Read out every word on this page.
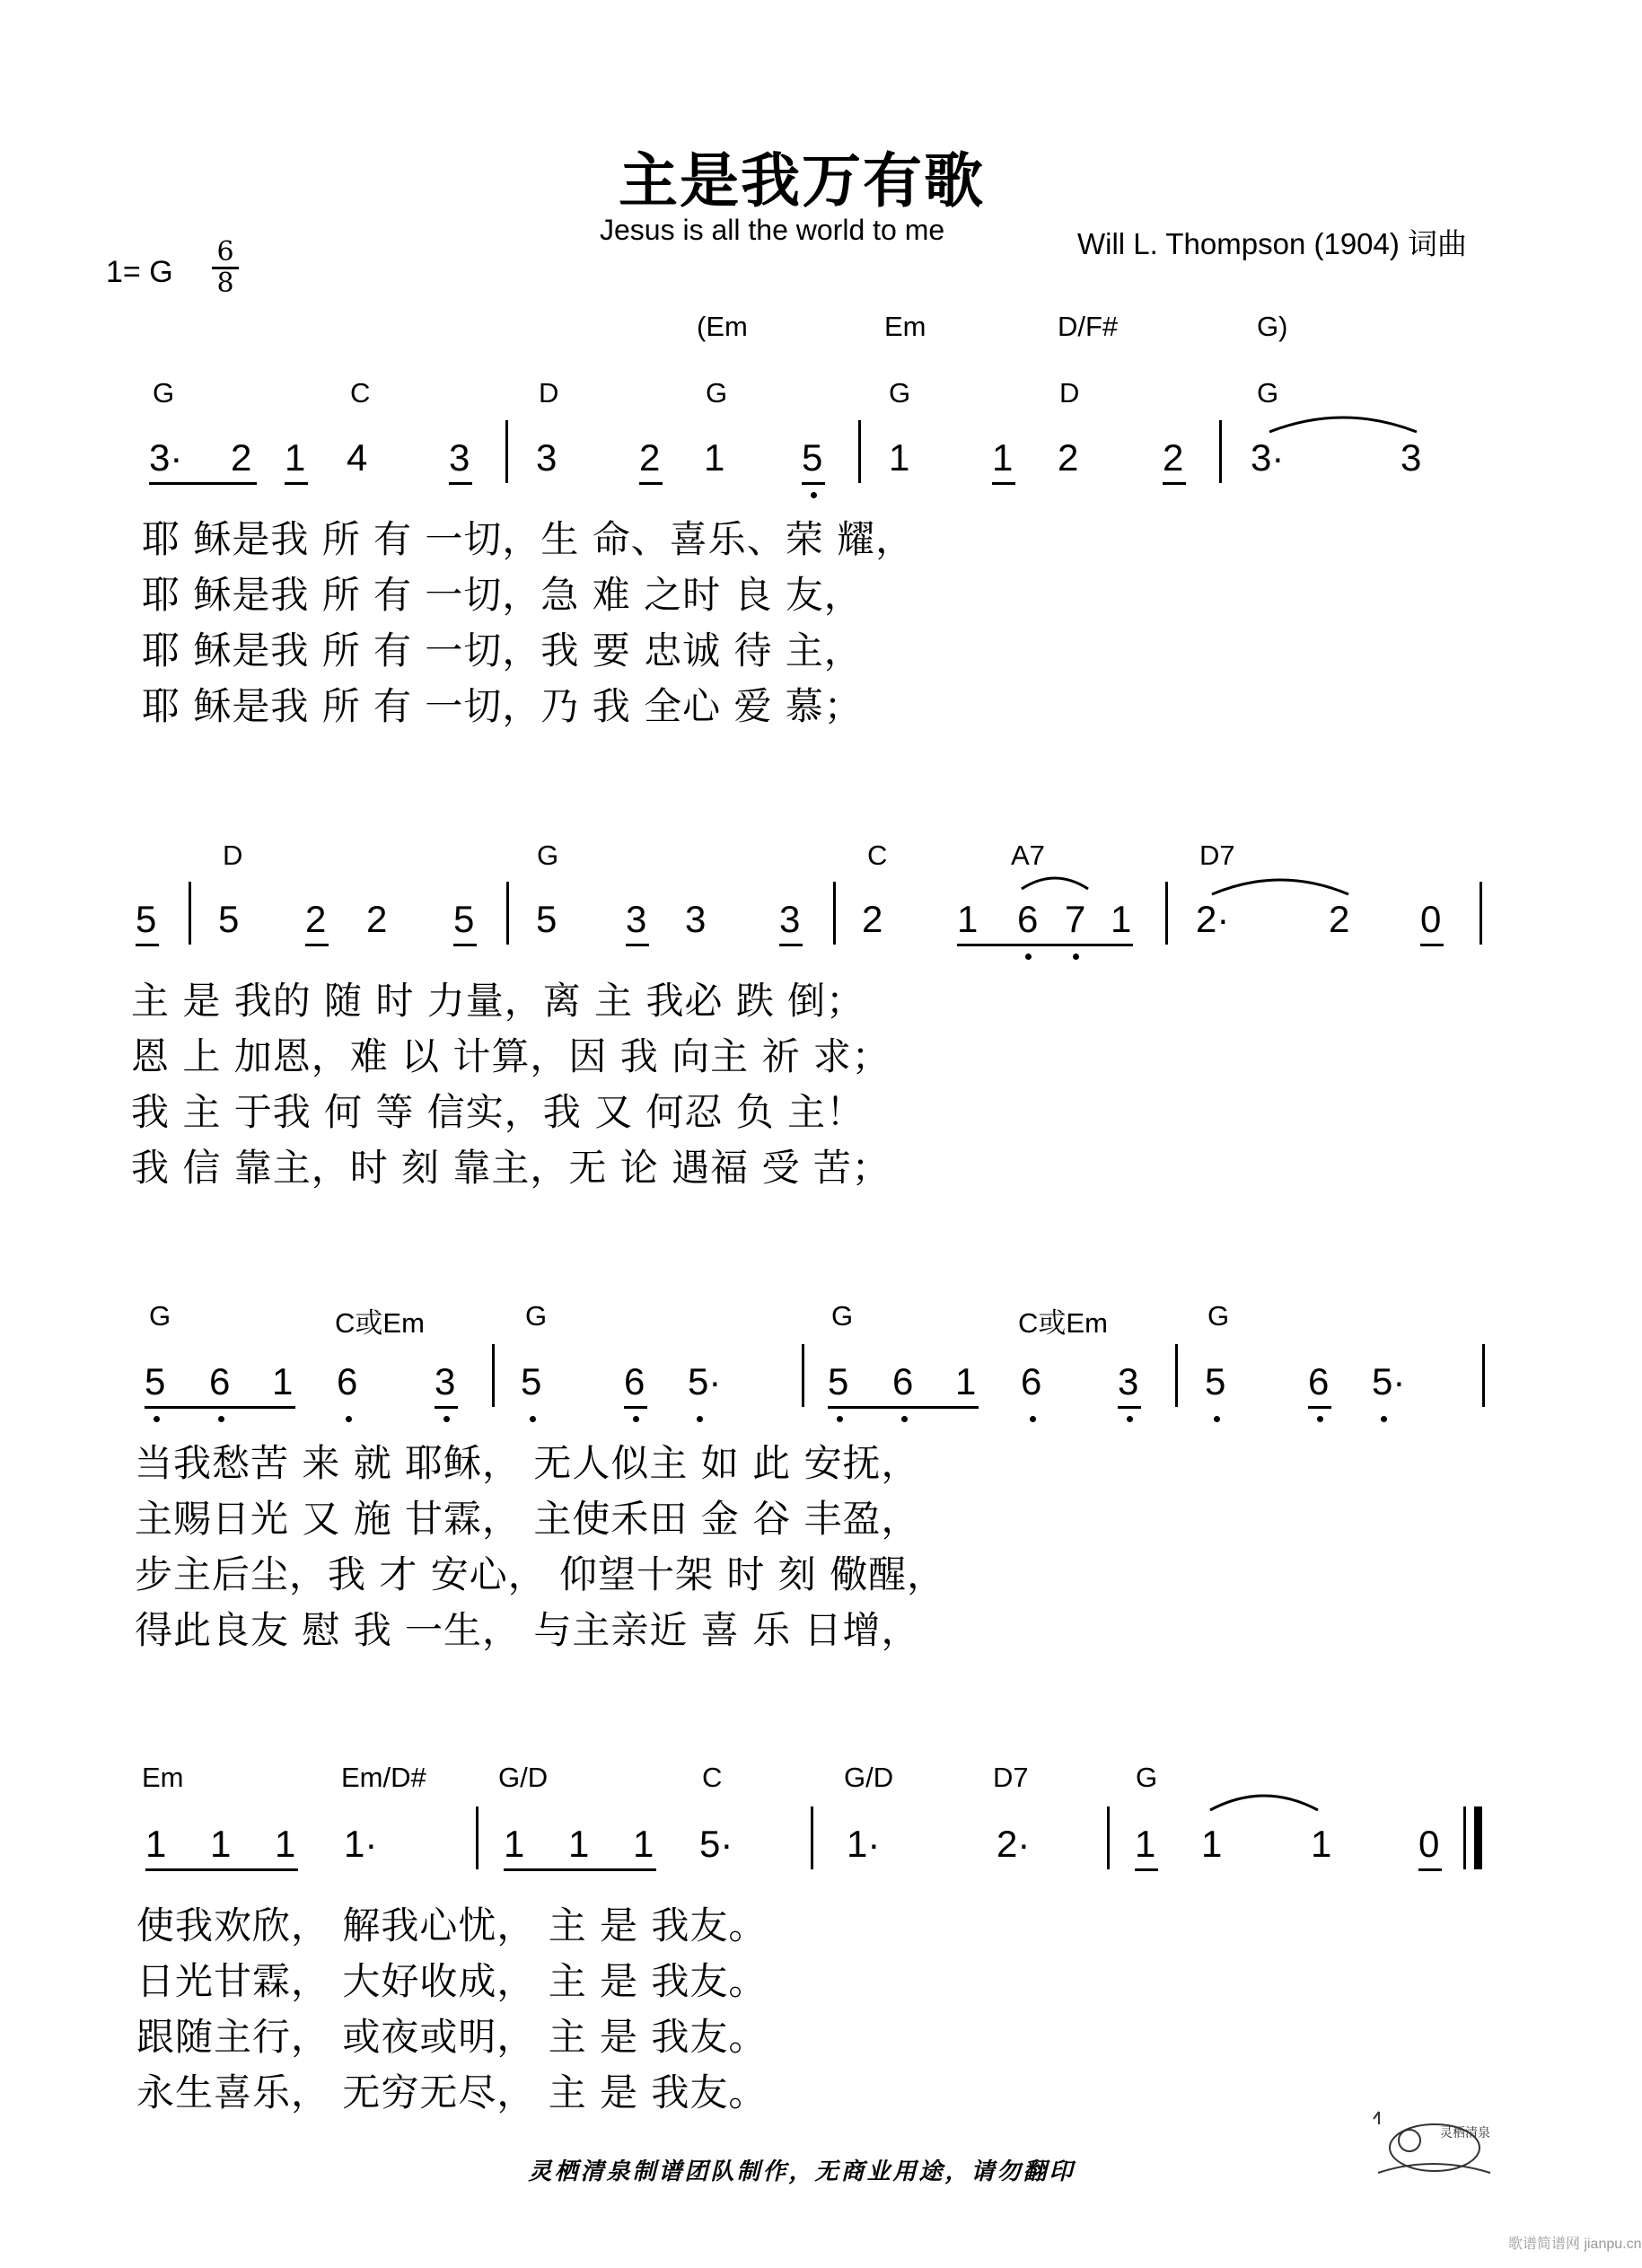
主是我万有歌
Jesus is all the world to me	Will L. Thompson (1904) 词曲
1= G
6
8
(Em	Em	D/F#	G)
G	C	D	G	G	D	G
3· 2 1 4 3 3 2 1 5 1 1 2 2 3·	3
耶 稣是我 所 有 一切，生 命、喜乐、荣 耀，
耶 稣是我 所 有 一切，急 难 之时 良 友，
耶 稣是我 所 有 一切，我 要 忠诚 待 主，
耶 稣是我 所 有 一切，乃 我 全心 爱 慕；
D	G	C	A7	D7
5 5 2 2 5 5 3 3 3 2 1 6 7 1 2·	2 0
主 是 我的 随 时 力量，离 主 我必 跌 倒；
恩 上 加恩，难 以 计算，因 我 向主 祈 求；
我 主 于我 何 等 信实，我 又 何忍 负 主！
我 信 靠主，时 刻 靠主，无 论 遇福 受 苦；
G	C或Em	G	G	C或Em	G
5 6 1 6 3 5 6 5·	5 6 1 6 3 5 6 5·
当我愁苦 来 就 耶稣， 无人似主 如 此 安抚，
主赐日光 又 施 甘霖， 主使禾田 金 谷 丰盈，
步主后尘，我 才 安心， 仰望十架 时 刻 儆醒，
得此良友 慰 我 一生， 与主亲近 喜 乐 日增，
Em	Em/D#	G/D	C	G/D	D7	G
1 1 1 1·	1 1 1 5·	1·	2·	1 1 1 0
使我欢欣， 解我心忧， 主 是 我友。
日光甘霖， 大好收成， 主 是 我友。
跟随主行， 或夜或明， 主 是 我友。
永生喜乐， 无穷无尽， 主 是 我友。
灵栖清泉
灵栖清泉制谱团队制作，无商业用途，请勿翻印
歌谱简谱网 jianpu.cn
